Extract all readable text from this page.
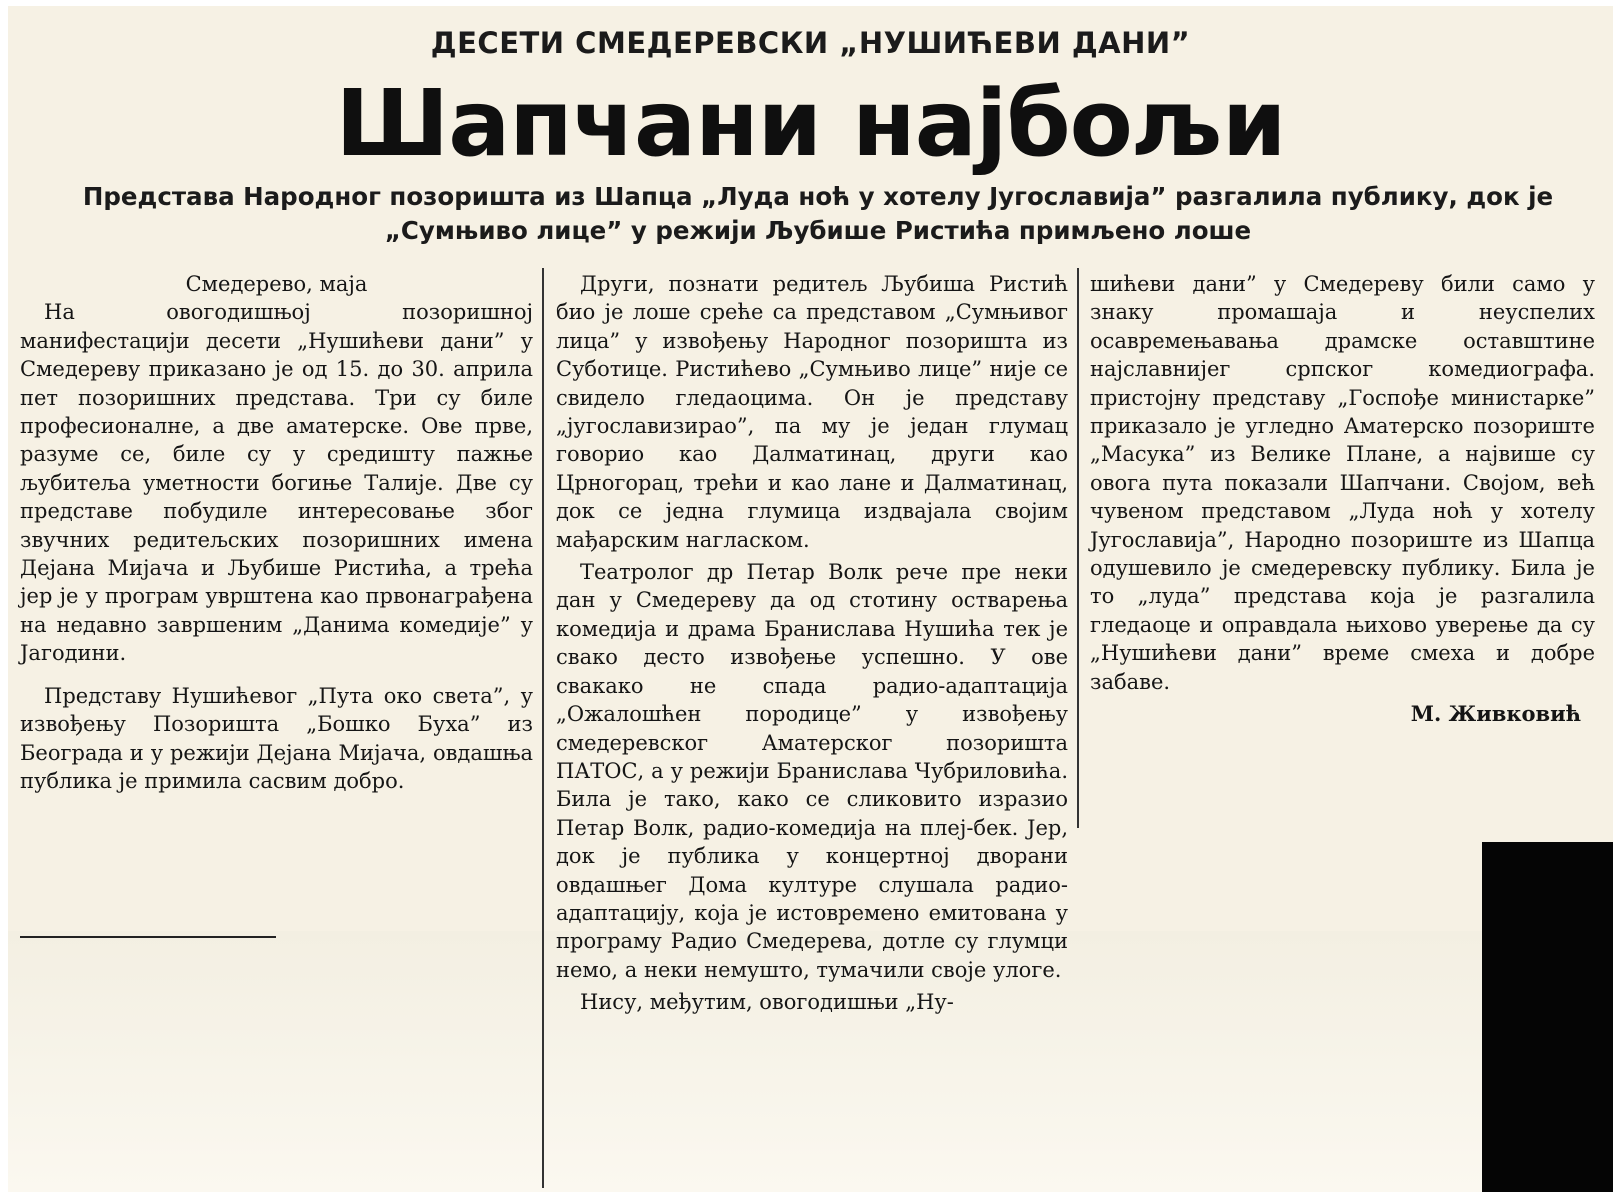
ДЕСЕТИ СМЕДЕРЕВСКИ „НУШИЋЕВИ ДАНИ”
Шапчани најбољи
Представа Народног позоришта из Шапца „Луда ноћ у хотелу Југославија” разгалила публику, док је „Сумњиво лице” у режији Љубише Ристића примљено лоше

Смедерево, маја

На овогодишњој позоришној манифестацији десети „Нушићеви дани” у Смедереву приказано је од 15. до 30. априла пет позоришних представа. Три су биле професионалне, а две аматерске. Ове прве, разуме се, биле су у средишту пажње љубитеља уметности богиње Талије. Две су представе побудиле интересовање због звучних редитељских позоришних имена Дејана Мијача и Љубише Ристића, а трећа јер је у програм уврштена као првонаграђена на недавно завршеним „Данима комедије” у Јагодини.

Представу Нушићевог „Пута око света”, у извођењу Позоришта „Бошко Буха” из Београда и у режији Дејана Мијача, овдашња публика је примила сасвим добро.

Други, познати редитељ Љубиша Ристић био је лоше среће са представом „Сумњивог лица” у извођењу Народног позоришта из Суботице. Ристићево „Сумњиво лице” није се свидело гледаоцима. Он је представу „југославизирао”, па му је један глумац говорио као Далматинац, други као Црногорац, трећи и као лане и Далматинац, док се једна глумица издвајала својим мађарским нагласком.

Театролог др Петар Волк рече пре неки дан у Смедереву да од стотину остварења комедија и драма Бранислава Нушића тек је свако десто извођење успешно. У ове свакако не спада радио-адаптација „Ожалошћен породице” у извођењу смедеревског Аматерског позоришта ПАТОС, а у режији Бранислава Чубриловића. Била је тако, како се сликовито изразио Петар Волк, радио-комедија на плеј-бек. Јер, док је публика у концертној дворани овдашњег Дома културе слушала радио-адаптацију, која је истовремено емитована у програму Радио Смедерева, дотле су глумци немо, а неки немушто, тумачили своје улоге.

Нису, међутим, овогодишњи „Ну-

шићеви дани” у Смедереву били само у знаку промашаја и неуспелих осавремењавања драмске оставштине најславнијег српског комедиографа. пристојну представу „Госпође министарке” приказало је угледно Аматерско позориште „Масука” из Велике Плане, а највише су овога пута показали Шапчани. Својом, већ чувеном представом „Луда ноћ у хотелу Југославија”, Народно позориште из Шапца одушевило је смедеревску публику. Била је то „луда” представа која је разгалила гледаоце и оправдала њихово уверење да су „Нушићеви дани” време смеха и добре забаве.

М. Живковић
